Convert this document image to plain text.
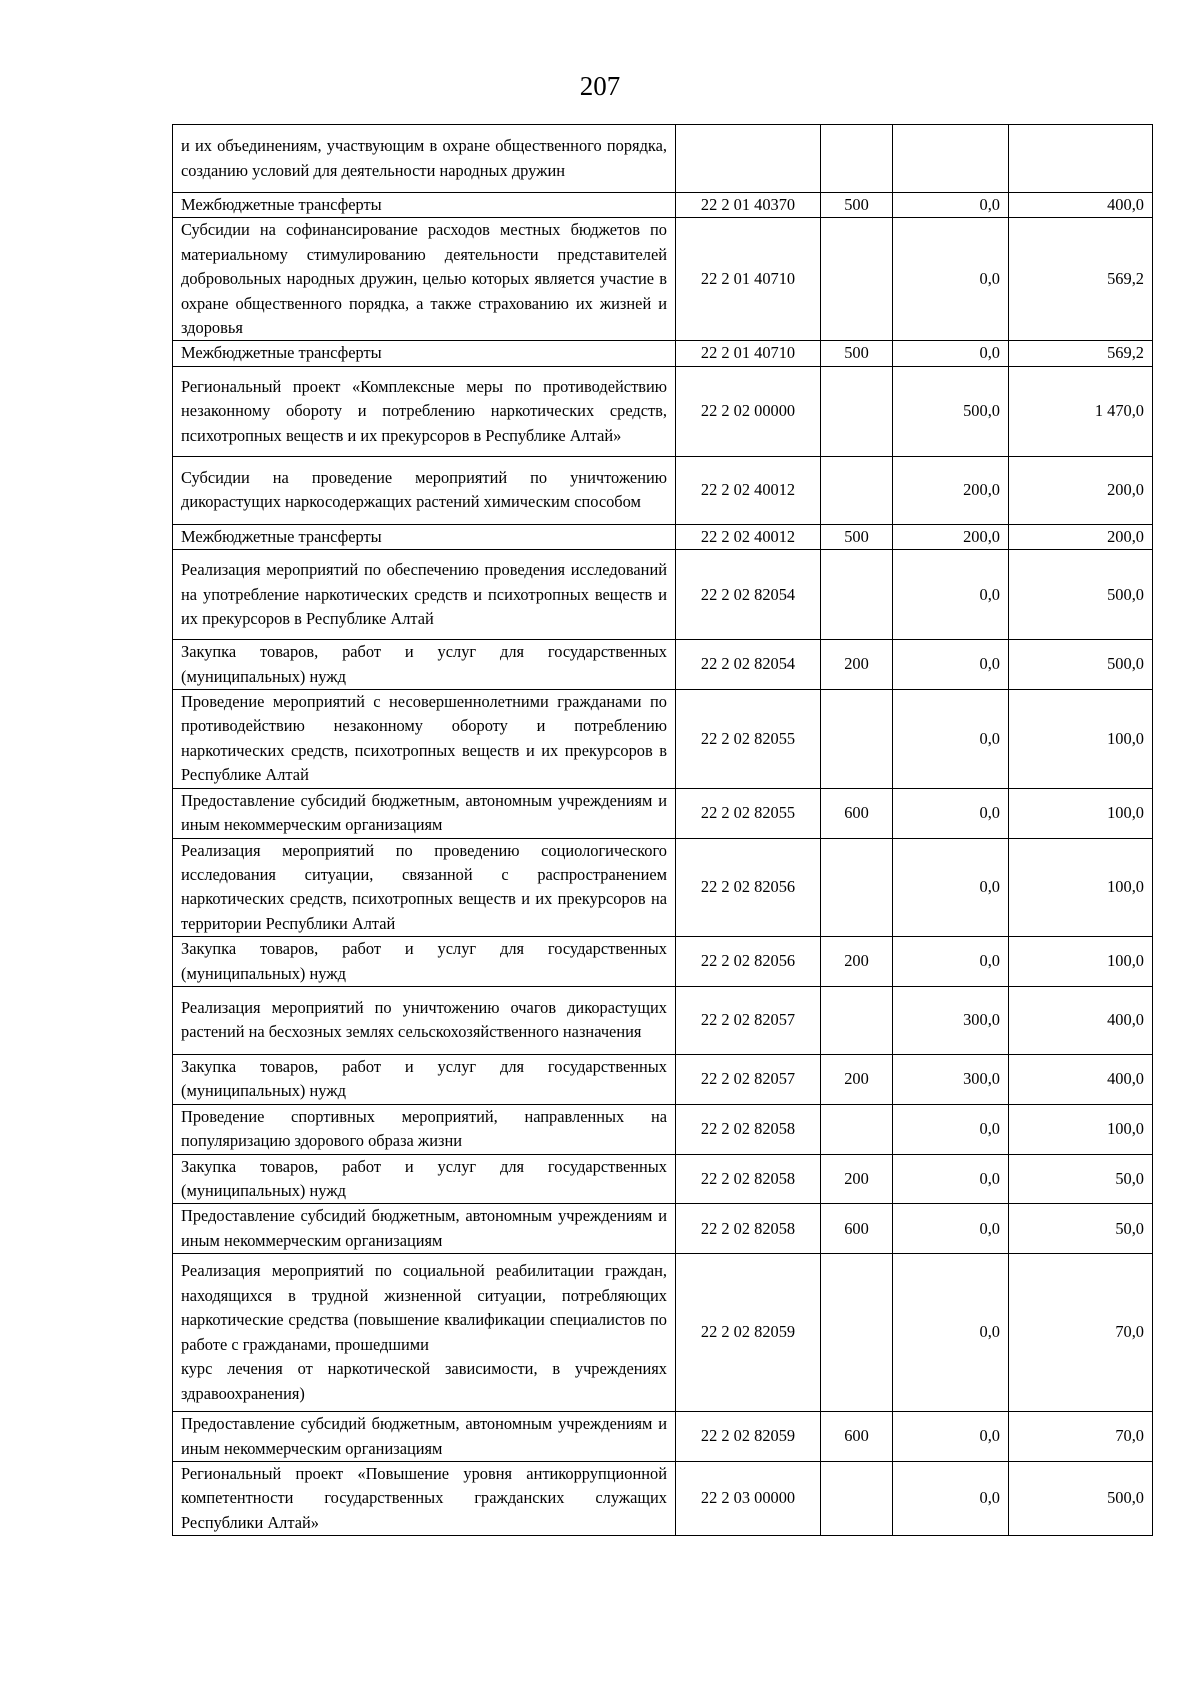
207
и их объединениям, участвующим в охране общественного порядка, созданию условий для деятельности народных дружин				

Межбюджетные трансферты	22 2 01 40370	500	0,0	400,0

Субсидии на софинансирование расходов местных бюджетов по материальному стимулированию деятельности представителей добровольных народных дружин, целью которых является участие в охране общественного порядка, а также страхованию их жизней и здоровья	22 2 01 40710		0,0	569,2

Межбюджетные трансферты	22 2 01 40710	500	0,0	569,2

Региональный проект «Комплексные меры по противодействию незаконному обороту и потреблению наркотических средств, психотропных веществ и их прекурсоров в Республике Алтай»	22 2 02 00000		500,0	1 470,0

Субсидии на проведение мероприятий по уничтожению дикорастущих наркосодержащих растений химическим способом	22 2 02 40012		200,0	200,0

Межбюджетные трансферты	22 2 02 40012	500	200,0	200,0

Реализация мероприятий по обеспечению проведения исследований на употребление наркотических средств и психотропных веществ и их прекурсоров в Республике Алтай	22 2 02 82054		0,0	500,0

Закупка товаров, работ и услуг для государственных (муниципальных) нужд	22 2 02 82054	200	0,0	500,0

Проведение мероприятий с несовершеннолетними гражданами по противодействию незаконному обороту и потреблению наркотических средств, психотропных веществ и их прекурсоров в Республике Алтай	22 2 02 82055		0,0	100,0

Предоставление субсидий бюджетным, автономным учреждениям и иным некоммерческим организациям	22 2 02 82055	600	0,0	100,0

Реализация мероприятий по проведению социологического исследования ситуации, связанной с распространением наркотических средств, психотропных веществ и их прекурсоров на территории Республики Алтай	22 2 02 82056		0,0	100,0

Закупка товаров, работ и услуг для государственных (муниципальных) нужд	22 2 02 82056	200	0,0	100,0

Реализация мероприятий по уничтожению очагов дикорастущих растений на бесхозных землях сельскохозяйственного назначения	22 2 02 82057		300,0	400,0

Закупка товаров, работ и услуг для государственных (муниципальных) нужд	22 2 02 82057	200	300,0	400,0

Проведение спортивных мероприятий, направленных на популяризацию здорового образа жизни	22 2 02 82058		0,0	100,0

Закупка товаров, работ и услуг для государственных (муниципальных) нужд	22 2 02 82058	200	0,0	50,0

Предоставление субсидий бюджетным, автономным учреждениям и иным некоммерческим организациям	22 2 02 82058	600	0,0	50,0

Реализация мероприятий по социальной реабилитации граждан, находящихся в трудной жизненной ситуации, потребляющих наркотические средства (повышение квалификации специалистов по работе с гражданами, прошедшими
курс лечения от наркотической зависимости, в учреждениях здравоохранения)	22 2 02 82059		0,0	70,0

Предоставление субсидий бюджетным, автономным учреждениям и иным некоммерческим организациям	22 2 02 82059	600	0,0	70,0

Региональный проект «Повышение уровня антикоррупционной компетентности государственных гражданских служащих Республики Алтай»	22 2 03 00000		0,0	500,0
